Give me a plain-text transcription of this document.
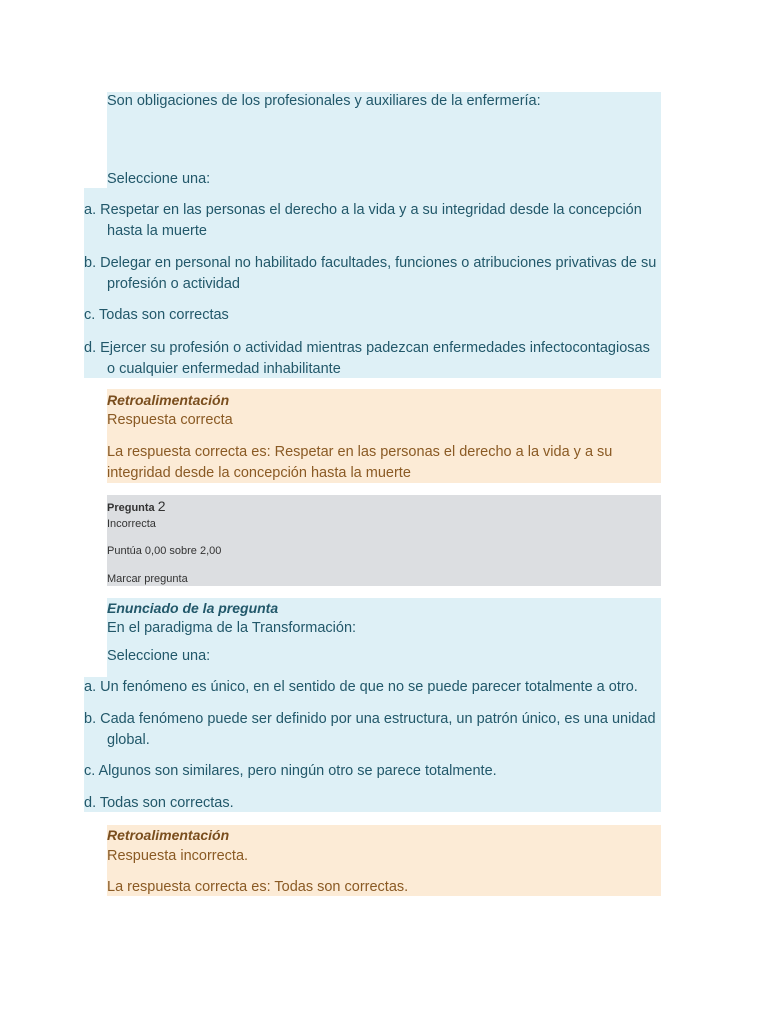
Son obligaciones de los profesionales y auxiliares de la enfermería:
Seleccione una:
a. Respetar en las personas el derecho a la vida y a su integridad desde la concepción
hasta la muerte
b. Delegar en personal no habilitado facultades, funciones o atribuciones privativas de su
profesión o actividad
c. Todas son correctas
d. Ejercer su profesión o actividad mientras padezcan enfermedades infectocontagiosas
o cualquier enfermedad inhabilitante
Retroalimentación
Respuesta correcta
La respuesta correcta es: Respetar en las personas el derecho a la vida y a su
integridad desde la concepción hasta la muerte
Pregunta 2
Incorrecta
Puntúa 0,00 sobre 2,00
Marcar pregunta
Enunciado de la pregunta
En el paradigma de la Transformación:
Seleccione una:
a. Un fenómeno es único, en el sentido de que no se puede parecer totalmente a otro.
b. Cada fenómeno puede ser definido por una estructura, un patrón único, es una unidad
global.
c. Algunos son similares, pero ningún otro se parece totalmente.
d. Todas son correctas.
Retroalimentación
Respuesta incorrecta.
La respuesta correcta es: Todas son correctas.
